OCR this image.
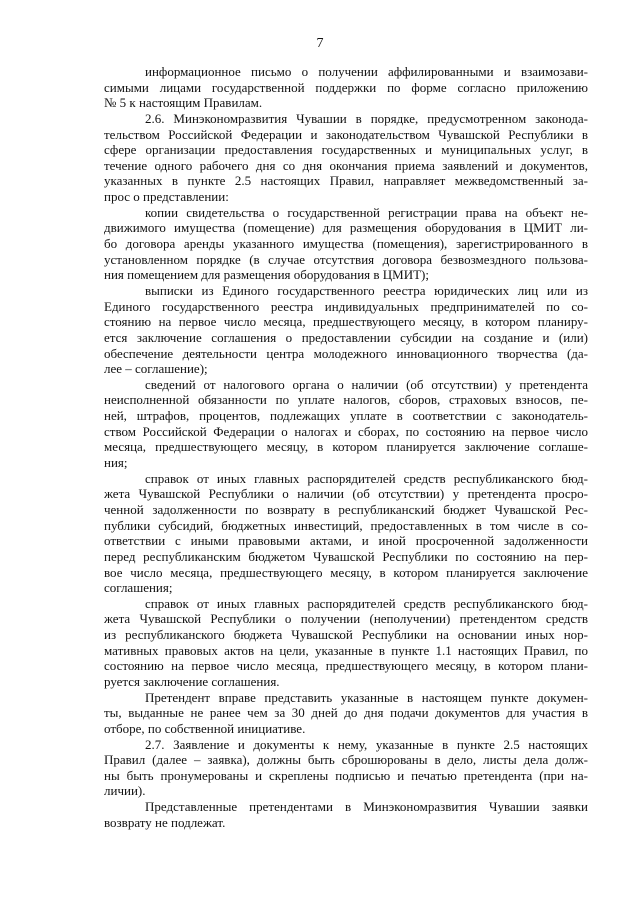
7
информационное письмо о получении аффилированными и взаимозави-
симыми лицами государственной поддержки по форме согласно приложению
№ 5 к настоящим Правилам.
2.6. Минэкономразвития Чувашии в порядке, предусмотренном законода-
тельством Российской Федерации и законодательством Чувашской Республики в
сфере организации предоставления государственных и муниципальных услуг, в
течение одного рабочего дня со дня окончания приема заявлений и документов,
указанных в пункте 2.5 настоящих Правил, направляет межведомственный за-
прос о представлении:
копии свидетельства о государственной регистрации права на объект не-
движимого имущества (помещение) для размещения оборудования в ЦМИТ ли-
бо договора аренды указанного имущества (помещения), зарегистрированного в
установленном порядке (в случае отсутствия договора безвозмездного пользова-
ния помещением для размещения оборудования в ЦМИТ);
выписки из Единого государственного реестра юридических лиц или из
Единого государственного реестра индивидуальных предпринимателей по со-
стоянию на первое число месяца, предшествующего месяцу, в котором планиру-
ется заключение соглашения о предоставлении субсидии на создание и (или)
обеспечение деятельности центра молодежного инновационного творчества (да-
лее – соглашение);
сведений от налогового органа о наличии (об отсутствии) у претендента
неисполненной обязанности по уплате налогов, сборов, страховых взносов, пе-
ней, штрафов, процентов, подлежащих уплате в соответствии с законодатель-
ством Российской Федерации о налогах и сборах, по состоянию на первое число
месяца, предшествующего месяцу, в котором планируется заключение соглаше-
ния;
справок от иных главных распорядителей средств республиканского бюд-
жета Чувашской Республики о наличии (об отсутствии) у претендента просро-
ченной задолженности по возврату в республиканский бюджет Чувашской Рес-
публики субсидий, бюджетных инвестиций, предоставленных в том числе в со-
ответствии с иными правовыми актами, и иной просроченной задолженности
перед республиканским бюджетом Чувашской Республики по состоянию на пер-
вое число месяца, предшествующего месяцу, в котором планируется заключение
соглашения;
справок от иных главных распорядителей средств республиканского бюд-
жета Чувашской Республики о получении (неполучении) претендентом средств
из республиканского бюджета Чувашской Республики на основании иных нор-
мативных правовых актов на цели, указанные в пункте 1.1 настоящих Правил, по
состоянию на первое число месяца, предшествующего месяцу, в котором плани-
руется заключение соглашения.
Претендент вправе представить указанные в настоящем пункте докумен-
ты, выданные не ранее чем за 30 дней до дня подачи документов для участия в
отборе, по собственной инициативе.
2.7. Заявление и документы к нему, указанные в пункте 2.5 настоящих
Правил (далее – заявка), должны быть сброшюрованы в дело, листы дела долж-
ны быть пронумерованы и скреплены подписью и печатью претендента (при на-
личии).
Представленные претендентами в Минэкономразвития Чувашии заявки
возврату не подлежат.
